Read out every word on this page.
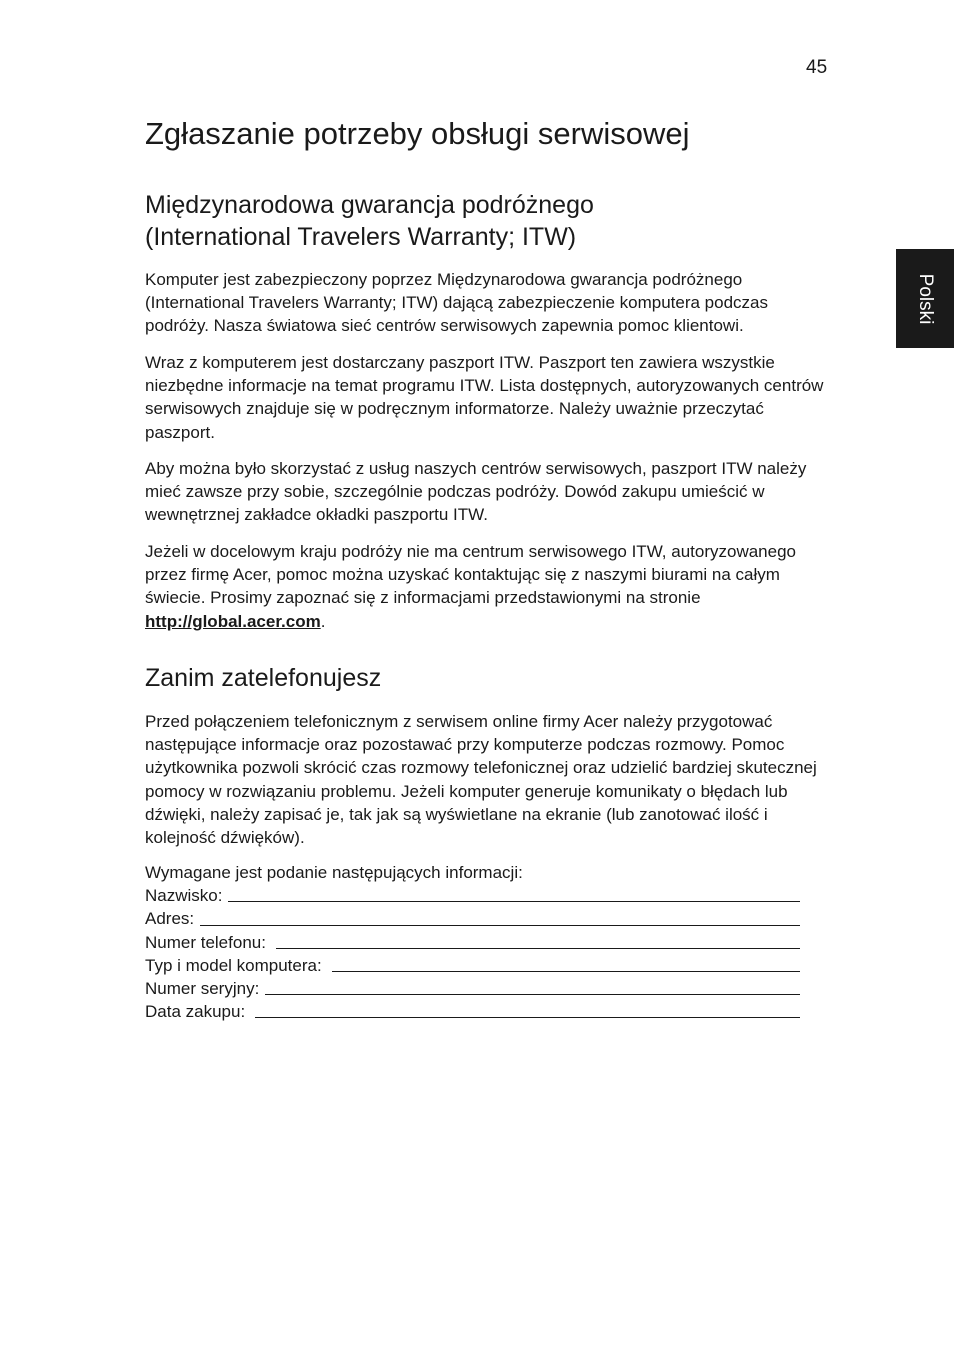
45
Polski
Zgłaszanie potrzeby obsługi serwisowej
Międzynarodowa gwarancja podróżnego
(International Travelers Warranty; ITW)

Komputer jest zabezpieczony poprzez Międzynarodowa gwarancja podróżnego (International Travelers Warranty; ITW) dającą zabezpieczenie komputera podczas podróży. Nasza światowa sieć centrów serwisowych zapewnia pomoc klientowi.

Wraz z komputerem jest dostarczany paszport ITW. Paszport ten zawiera wszystkie niezbędne informacje na temat programu ITW. Lista dostępnych, autoryzowanych centrów serwisowych znajduje się w podręcznym informatorze. Należy uważnie przeczytać paszport.

Aby można było skorzystać z usług naszych centrów serwisowych, paszport ITW należy mieć zawsze przy sobie, szczególnie podczas podróży. Dowód zakupu umieścić w wewnętrznej zakładce okładki paszportu ITW.

Jeżeli w docelowym kraju podróży nie ma centrum serwisowego ITW, autoryzowanego przez firmę Acer, pomoc można uzyskać kontaktując się z naszymi biurami na całym świecie. Prosimy zapoznać się z informacjami przedstawionymi na stronie http://global.acer.com.

Zanim zatelefonujesz

Przed połączeniem telefonicznym z serwisem online firmy Acer należy przygotować następujące informacje oraz pozostawać przy komputerze podczas rozmowy. Pomoc użytkownika pozwoli skrócić czas rozmowy telefonicznej oraz udzielić bardziej skutecznej pomocy w rozwiązaniu problemu. Jeżeli komputer generuje komunikaty o błędach lub dźwięki, należy zapisać je, tak jak są wyświetlane na ekranie (lub zanotować ilość i kolejność dźwięków).

Wymagane jest podanie następujących informacji:
Nazwisko:
Adres:
Numer telefonu:
Typ i model komputera:
Numer seryjny:
Data zakupu:
